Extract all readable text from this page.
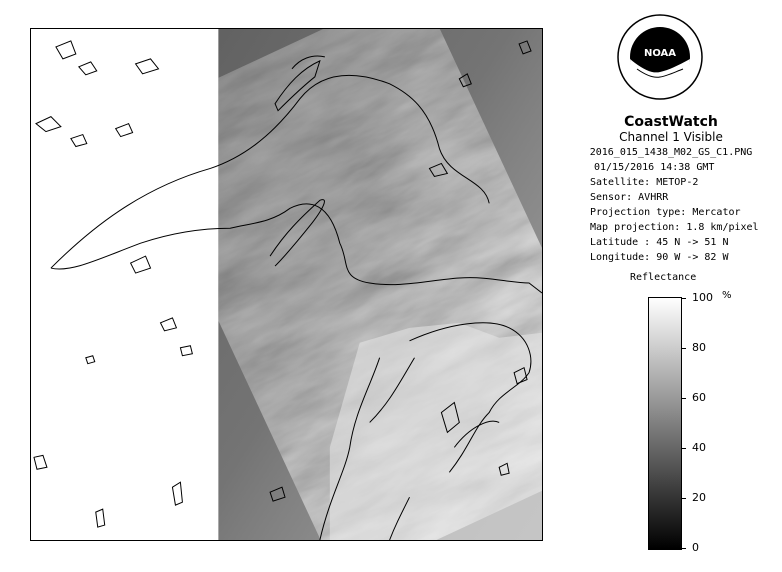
NOAA
CoastWatch
Channel 1 Visible
2016_015_1438_M02_GS_C1.PNG
01/15/2016 14:38 GMT
Satellite: METOP-2
Sensor: AVHRR
Projection type: Mercator
Map projection: 1.8 km/pixel
Latitude : 45 N -> 51 N
Longitude: 90 W -> 82 W
Reflectance
%
100
80
60
40
20
0
